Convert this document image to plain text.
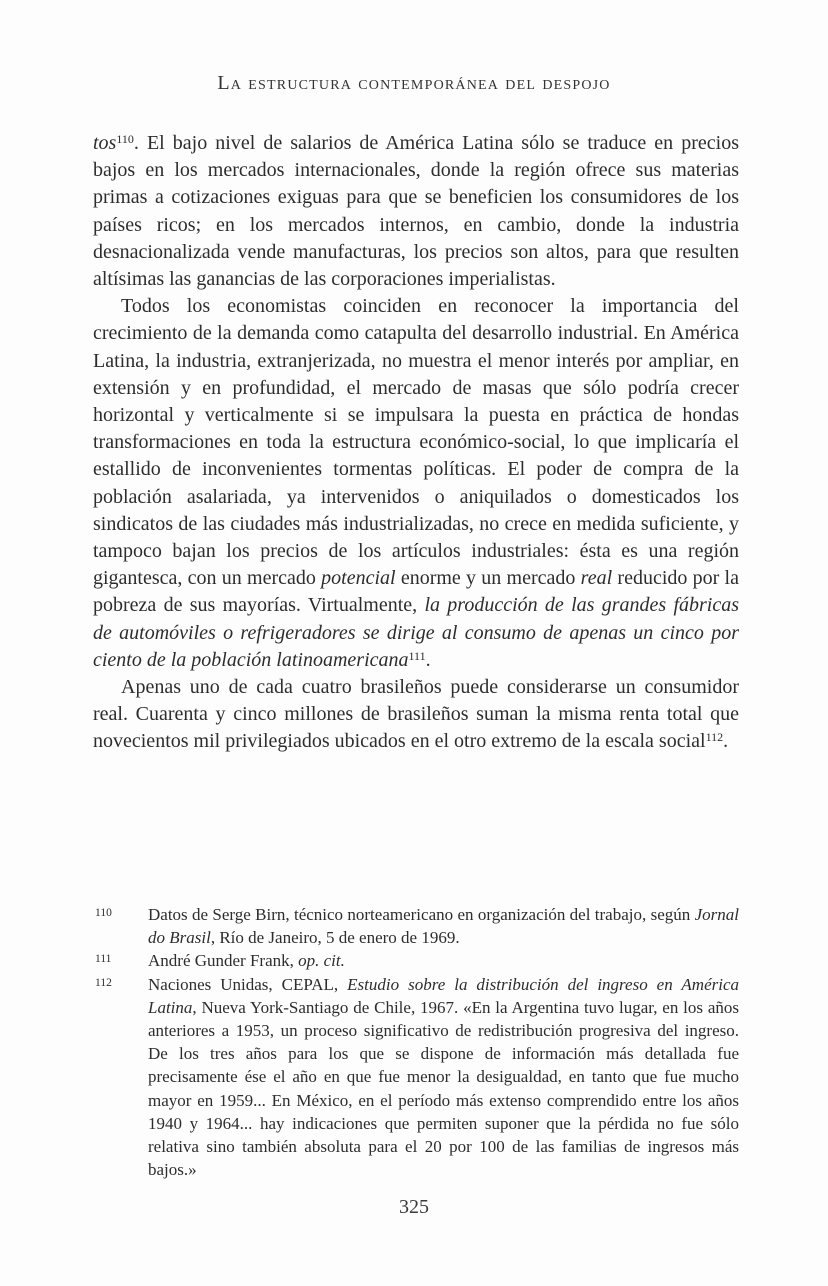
La estructura contemporánea del despojo

tos$^{110}$. El bajo nivel de salarios de América Latina sólo se traduce en precios bajos en los mercados internacionales, donde la región ofrece sus materias primas a cotizaciones exiguas para que se beneficien los consumidores de los países ricos; en los mercados internos, en cambio, donde la industria desnacionalizada vende manufacturas, los precios son altos, para que resulten altísimas las ganancias de las corporaciones imperialistas.

Todos los economistas coinciden en reconocer la importancia del crecimiento de la demanda como catapulta del desarrollo industrial. En América Latina, la industria, extranjerizada, no muestra el menor interés por ampliar, en extensión y en profundidad, el mercado de masas que sólo podría crecer horizontal y verticalmente si se impulsara la puesta en práctica de hondas transformaciones en toda la estructura económico-social, lo que implicaría el estallido de inconvenientes tormentas políticas. El poder de compra de la población asalariada, ya intervenidos o aniquilados o domesticados los sindicatos de las ciudades más industrializadas, no crece en medida suficiente, y tampoco bajan los precios de los artículos industriales: ésta es una región gigantesca, con un mercado potencial enorme y un mercado real reducido por la pobreza de sus mayorías. Virtualmente, la producción de las grandes fábricas de automóviles o refrigeradores se dirige al consumo de apenas un cinco por ciento de la población latinoamericana$^{111}$.

Apenas uno de cada cuatro brasileños puede considerarse un consumidor real. Cuarenta y cinco millones de brasileños suman la misma renta total que novecientos mil privilegiados ubicados en el otro extremo de la escala social$^{112}$.

110 Datos de Serge Birn, técnico norteamericano en organización del trabajo, según Jornal do Brasil, Río de Janeiro, 5 de enero de 1969.
111 André Gunder Frank, op. cit.
112 Naciones Unidas, CEPAL, Estudio sobre la distribución del ingreso en América Latina, Nueva York-Santiago de Chile, 1967. «En la Argentina tuvo lugar, en los años anteriores a 1953, un proceso significativo de redistribución progresiva del ingreso. De los tres años para los que se dispone de información más detallada fue precisamente ése el año en que fue menor la desigualdad, en tanto que fue mucho mayor en 1959... En México, en el período más extenso comprendido entre los años 1940 y 1964... hay indicaciones que permiten suponer que la pérdida no fue sólo relativa sino también absoluta para el 20 por 100 de las familias de ingresos más bajos.»
325
